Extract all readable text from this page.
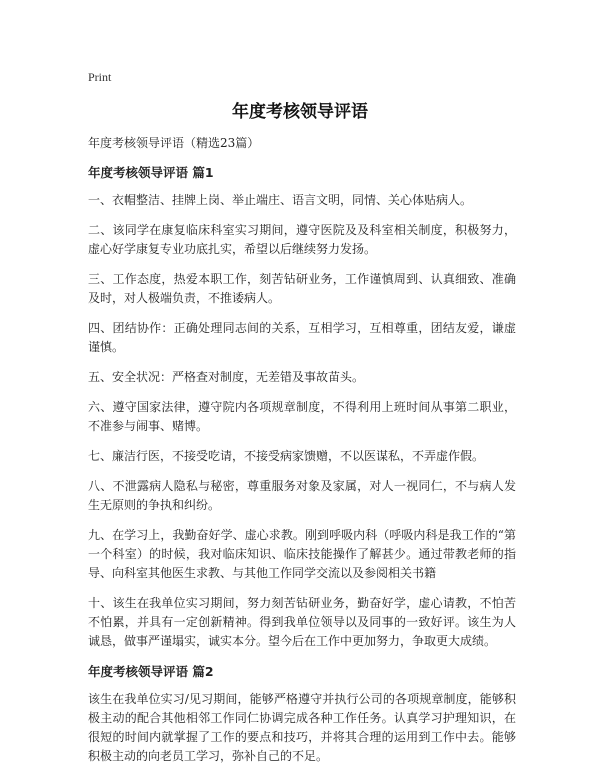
Print
年度考核领导评语

年度考核领导评语（精选23篇）

年度考核领导评语 篇1

一、衣帽整洁、挂牌上岗、举止端庄、语言文明，同情、关心体贴病人。

二、该同学在康复临床科室实习期间，遵守医院及及科室相关制度，积极努力，虚心好学康复专业功底扎实，希望以后继续努力发扬。

三、工作态度，热爱本职工作，刻苦钻研业务，工作谨慎周到、认真细致、准确及时，对人极端负责，不推诿病人。

四、团结协作：正确处理同志间的关系，互相学习，互相尊重，团结友爱，谦虚谨慎。

五、安全状况：严格查对制度，无差错及事故苗头。

六、遵守国家法律，遵守院内各项规章制度，不得利用上班时间从事第二职业，不准参与闹事、赌博。

七、廉洁行医，不接受吃请，不接受病家馈赠，不以医谋私，不弄虚作假。

八、不泄露病人隐私与秘密，尊重服务对象及家属，对人一视同仁，不与病人发生无原则的争执和纠纷。

九、在学习上，我勤奋好学、虚心求教。刚到呼吸内科（呼吸内科是我工作的“第一个科室）的时候，我对临床知识、临床技能操作了解甚少。通过带教老师的指导、向科室其他医生求教、与其他工作同学交流以及参阅相关书籍

十、该生在我单位实习期间，努力刻苦钻研业务，勤奋好学，虚心请教，不怕苦不怕累，并具有一定创新精神。得到我单位领导以及同事的一致好评。该生为人诚恳，做事严谨塌实，诚实本分。望今后在工作中更加努力，争取更大成绩。

年度考核领导评语 篇2

该生在我单位实习/见习期间，能够严格遵守并执行公司的各项规章制度，能够积极主动的配合其他相邻工作同仁协调完成各种工作任务。认真学习护理知识，在很短的时间内就掌握了工作的要点和技巧，并将其合理的运用到工作中去。能够积极主动的向老员工学习，弥补自己的不足。
